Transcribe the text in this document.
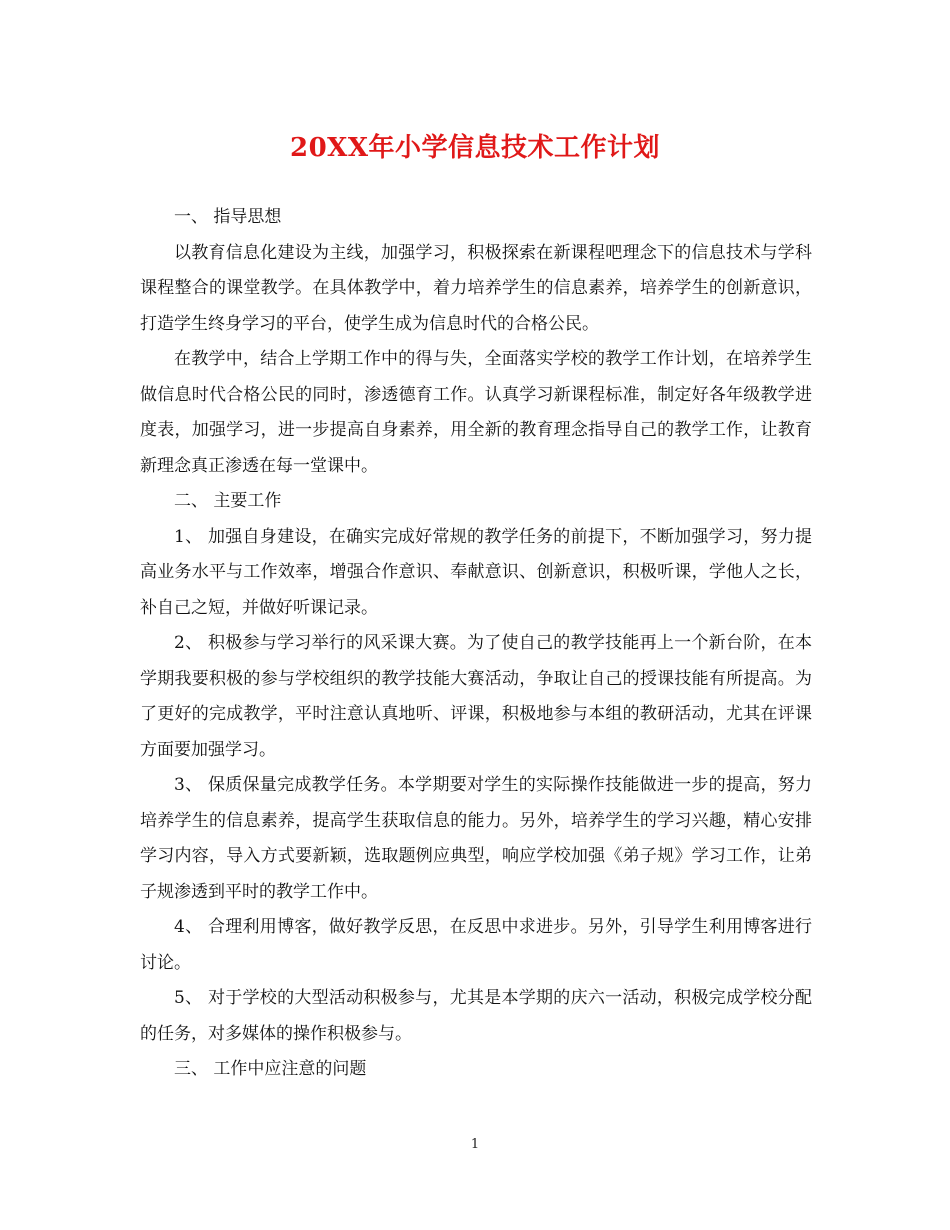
20XX年小学信息技术工作计划

一、 指导思想

以教育信息化建设为主线，加强学习，积极探索在新课程吧理念下的信息技术与学科课程整合的课堂教学。在具体教学中，着力培养学生的信息素养，培养学生的创新意识，打造学生终身学习的平台，使学生成为信息时代的合格公民。

在教学中，结合上学期工作中的得与失，全面落实学校的教学工作计划，在培养学生做信息时代合格公民的同时，渗透德育工作。认真学习新课程标准，制定好各年级教学进度表，加强学习，进一步提高自身素养，用全新的教育理念指导自己的教学工作，让教育新理念真正渗透在每一堂课中。

二、 主要工作

1、 加强自身建设，在确实完成好常规的教学任务的前提下，不断加强学习，努力提高业务水平与工作效率，增强合作意识、奉献意识、创新意识，积极听课，学他人之长，补自己之短，并做好听课记录。

2、 积极参与学习举行的风采课大赛。为了使自己的教学技能再上一个新台阶，在本学期我要积极的参与学校组织的教学技能大赛活动，争取让自己的授课技能有所提高。为了更好的完成教学，平时注意认真地听、评课，积极地参与本组的教研活动，尤其在评课方面要加强学习。

3、 保质保量完成教学任务。本学期要对学生的实际操作技能做进一步的提高，努力培养学生的信息素养，提高学生获取信息的能力。另外，培养学生的学习兴趣，精心安排学习内容，导入方式要新颖，选取题例应典型，响应学校加强《弟子规》学习工作，让弟子规渗透到平时的教学工作中。

4、 合理利用博客，做好教学反思，在反思中求进步。另外，引导学生利用博客进行讨论。

5、 对于学校的大型活动积极参与，尤其是本学期的庆六一活动，积极完成学校分配的任务，对多媒体的操作积极参与。

三、 工作中应注意的问题

1
